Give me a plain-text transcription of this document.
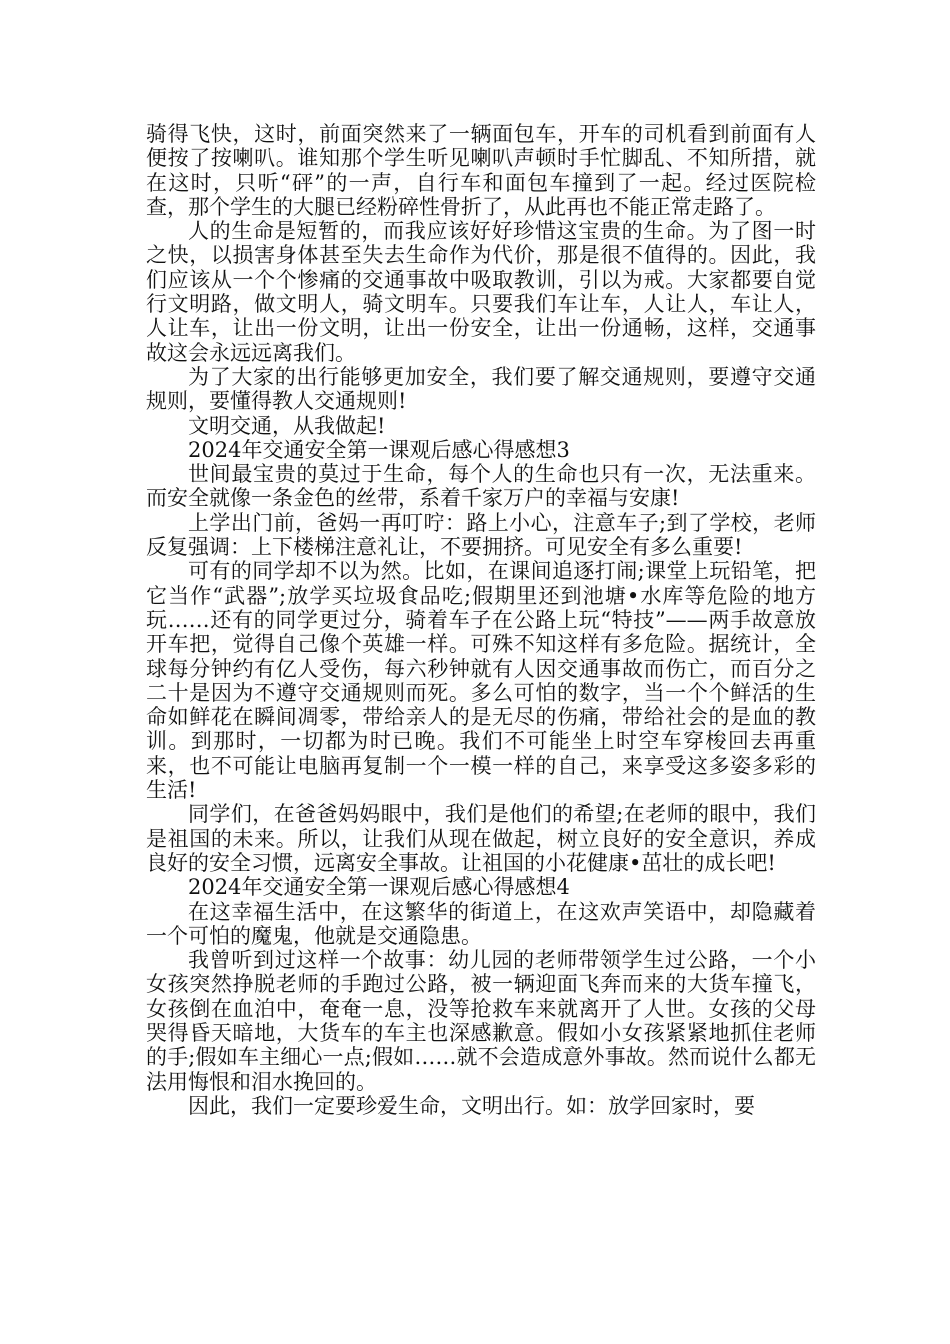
骑得飞快，这时，前面突然来了一辆面包车，开车的司机看到前面有人便按了按喇叭。谁知那个学生听见喇叭声顿时手忙脚乱、不知所措，就在这时，只听“砰”的一声，自行车和面包车撞到了一起。经过医院检查，那个学生的大腿已经粉碎性骨折了，从此再也不能正常走路了。

人的生命是短暂的，而我应该好好珍惜这宝贵的生命。为了图一时之快，以损害身体甚至失去生命作为代价，那是很不值得的。因此，我们应该从一个个惨痛的交通事故中吸取教训，引以为戒。大家都要自觉行文明路，做文明人，骑文明车。只要我们车让车，人让人，车让人，人让车，让出一份文明，让出一份安全，让出一份通畅，这样，交通事故这会永远远离我们。

为了大家的出行能够更加安全，我们要了解交通规则，要遵守交通规则，要懂得教人交通规则!

文明交通，从我做起!

2024年交通安全第一课观后感心得感想3

世间最宝贵的莫过于生命，每个人的生命也只有一次，无法重来。而安全就像一条金色的丝带，系着千家万户的幸福与安康!

上学出门前，爸妈一再叮咛：路上小心，注意车子;到了学校，老师反复强调：上下楼梯注意礼让，不要拥挤。可见安全有多么重要!

可有的同学却不以为然。比如，在课间追逐打闹;课堂上玩铅笔，把它当作“武器”;放学买垃圾食品吃;假期里还到池塘•水库等危险的地方玩……还有的同学更过分，骑着车子在公路上玩“特技”——两手故意放开车把，觉得自己像个英雄一样。可殊不知这样有多危险。据统计，全球每分钟约有亿人受伤，每六秒钟就有人因交通事故而伤亡，而百分之二十是因为不遵守交通规则而死。多么可怕的数字，当一个个鲜活的生命如鲜花在瞬间凋零，带给亲人的是无尽的伤痛，带给社会的是血的教训。到那时，一切都为时已晚。我们不可能坐上时空车穿梭回去再重来，也不可能让电脑再复制一个一模一样的自己，来享受这多姿多彩的生活!

同学们，在爸爸妈妈眼中，我们是他们的希望;在老师的眼中，我们是祖国的未来。所以，让我们从现在做起，树立良好的安全意识，养成良好的安全习惯，远离安全事故。让祖国的小花健康•茁壮的成长吧!

2024年交通安全第一课观后感心得感想4

在这幸福生活中，在这繁华的街道上，在这欢声笑语中，却隐藏着一个可怕的魔鬼，他就是交通隐患。

我曾听到过这样一个故事：幼儿园的老师带领学生过公路，一个小女孩突然挣脱老师的手跑过公路，被一辆迎面飞奔而来的大货车撞飞，女孩倒在血泊中，奄奄一息，没等抢救车来就离开了人世。女孩的父母哭得昏天暗地，大货车的车主也深感歉意。假如小女孩紧紧地抓住老师的手;假如车主细心一点;假如……就不会造成意外事故。然而说什么都无法用悔恨和泪水挽回的。

因此，我们一定要珍爱生命，文明出行。如：放学回家时，要
